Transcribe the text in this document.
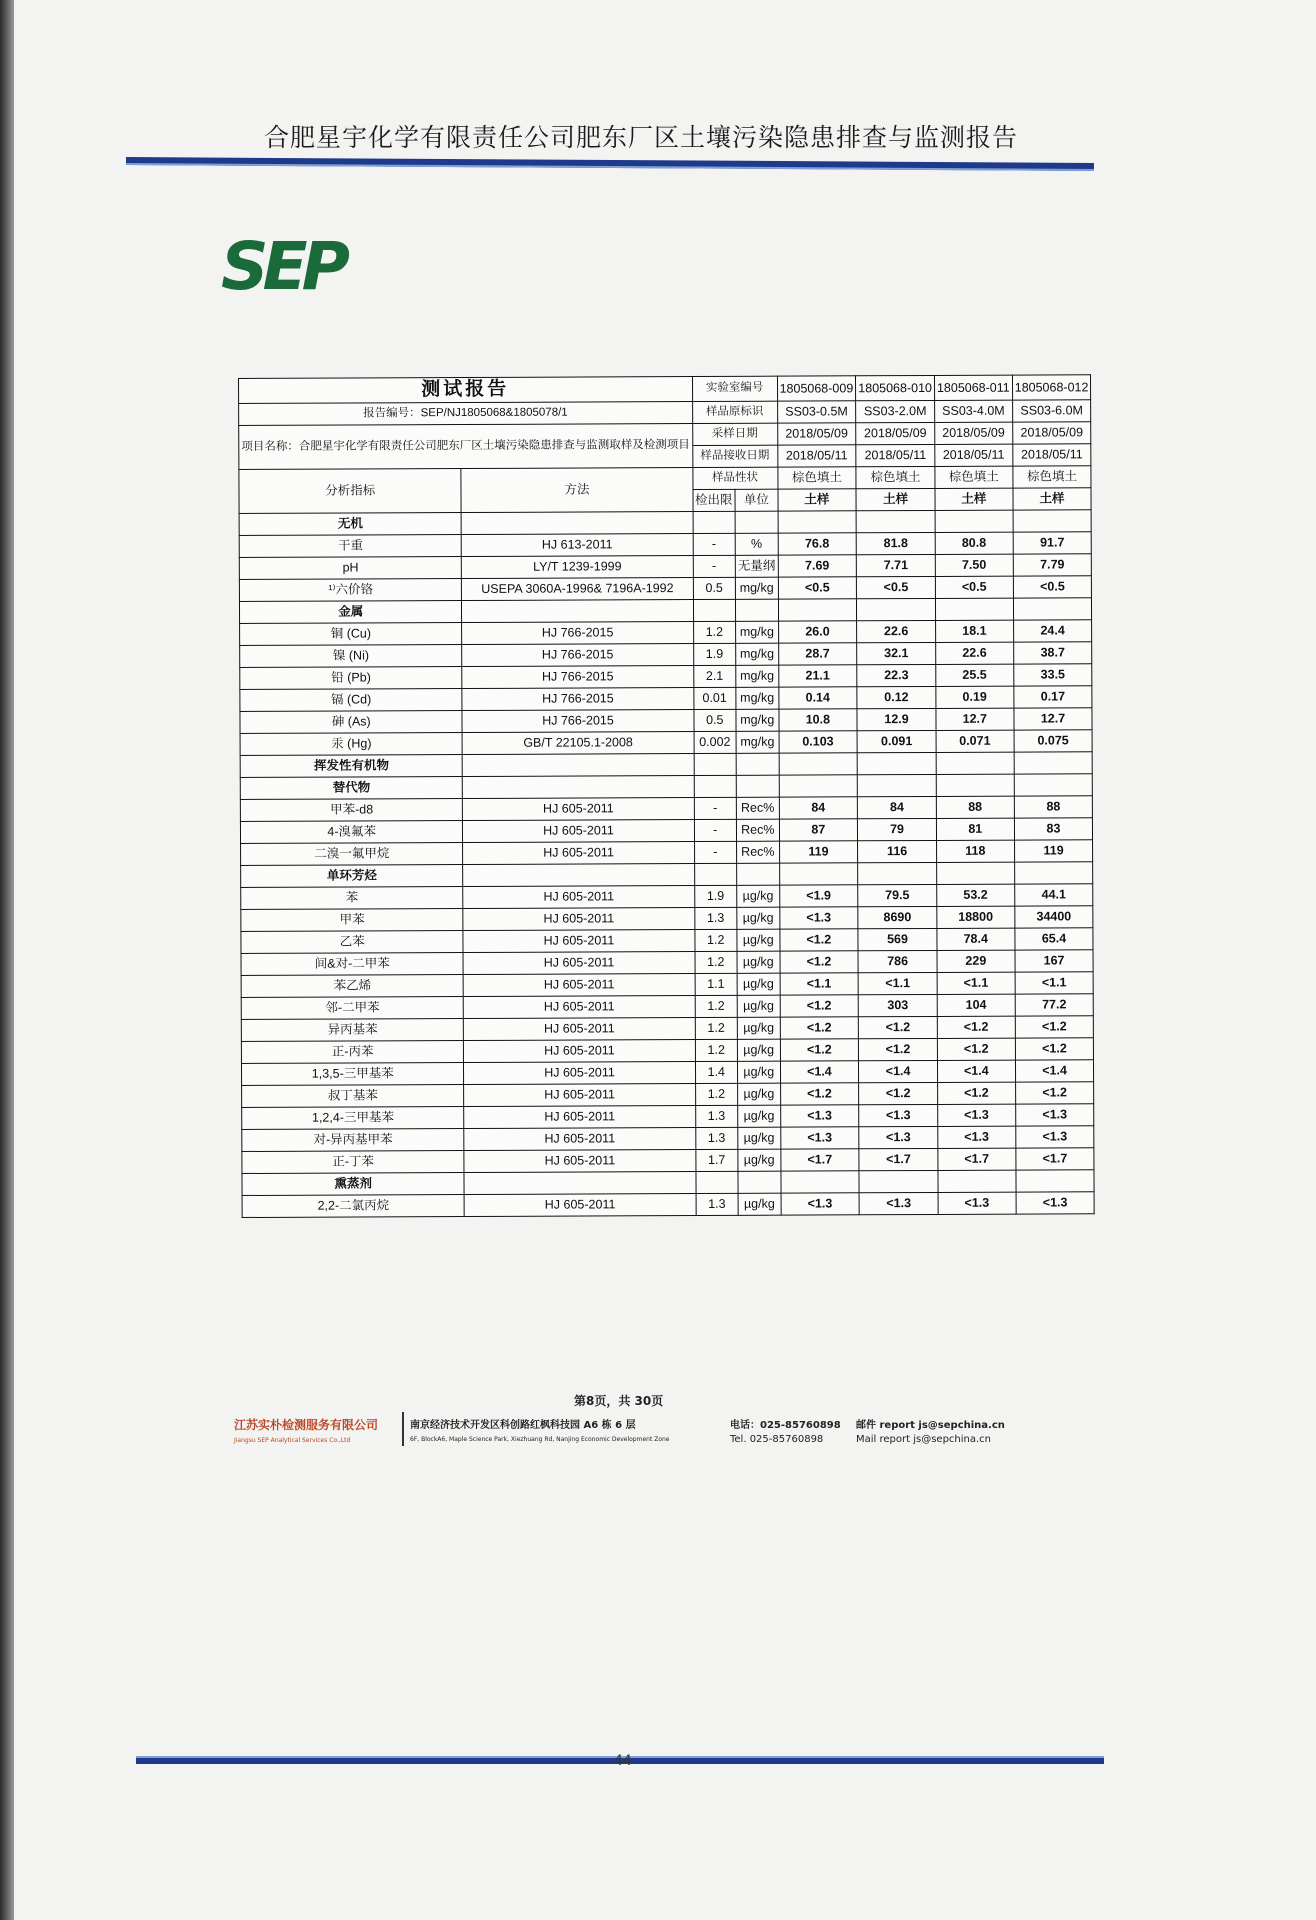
合肥星宇化学有限责任公司肥东厂区土壤污染隐患排查与监测报告
SEP
测试报告		实验室编号		1805068-009	1805068-010	1805068-011	1805068-012
报告编号：SEP/NJ1805068&1805078/1		样品原标识		SS03-0.5M	SS03-2.0M	SS03-4.0M	SS03-6.0M
项目名称：合肥星宇化学有限责任公司肥东厂区土壤污染隐患排查与监测取样及检测项目		采样日期		2018/05/09	2018/05/09	2018/05/09	2018/05/09
		样品接收日期		2018/05/11	2018/05/11	2018/05/11	2018/05/11
分析指标	方法	样品性状		棕色填土	棕色填土	棕色填土	棕色填土
		检出限	单位	土样	土样	土样	土样
无机							
干重	HJ 613-2011	-	%	76.8	81.8	80.8	91.7
pH	LY/T 1239-1999	-	无量纲	7.69	7.71	7.50	7.79
¹⁾六价铬	USEPA 3060A-1996& 7196A-1992	0.5	mg/kg	<0.5	<0.5	<0.5	<0.5
金属							
铜 (Cu)	HJ 766-2015	1.2	mg/kg	26.0	22.6	18.1	24.4
镍 (Ni)	HJ 766-2015	1.9	mg/kg	28.7	32.1	22.6	38.7
铅 (Pb)	HJ 766-2015	2.1	mg/kg	21.1	22.3	25.5	33.5
镉 (Cd)	HJ 766-2015	0.01	mg/kg	0.14	0.12	0.19	0.17
砷 (As)	HJ 766-2015	0.5	mg/kg	10.8	12.9	12.7	12.7
汞 (Hg)	GB/T 22105.1-2008	0.002	mg/kg	0.103	0.091	0.071	0.075
挥发性有机物							
替代物							
甲苯-d8	HJ 605-2011	-	Rec%	84	84	88	88
4-溴氟苯	HJ 605-2011	-	Rec%	87	79	81	83
二溴一氟甲烷	HJ 605-2011	-	Rec%	119	116	118	119
单环芳烃							
苯	HJ 605-2011	1.9	µg/kg	<1.9	79.5	53.2	44.1
甲苯	HJ 605-2011	1.3	µg/kg	<1.3	8690	18800	34400
乙苯	HJ 605-2011	1.2	µg/kg	<1.2	569	78.4	65.4
间&对-二甲苯	HJ 605-2011	1.2	µg/kg	<1.2	786	229	167
苯乙烯	HJ 605-2011	1.1	µg/kg	<1.1	<1.1	<1.1	<1.1
邻-二甲苯	HJ 605-2011	1.2	µg/kg	<1.2	303	104	77.2
异丙基苯	HJ 605-2011	1.2	µg/kg	<1.2	<1.2	<1.2	<1.2
正-丙苯	HJ 605-2011	1.2	µg/kg	<1.2	<1.2	<1.2	<1.2
1,3,5-三甲基苯	HJ 605-2011	1.4	µg/kg	<1.4	<1.4	<1.4	<1.4
叔丁基苯	HJ 605-2011	1.2	µg/kg	<1.2	<1.2	<1.2	<1.2
1,2,4-三甲基苯	HJ 605-2011	1.3	µg/kg	<1.3	<1.3	<1.3	<1.3
对-异丙基甲苯	HJ 605-2011	1.3	µg/kg	<1.3	<1.3	<1.3	<1.3
正-丁苯	HJ 605-2011	1.7	µg/kg	<1.7	<1.7	<1.7	<1.7
熏蒸剂							
2,2-二氯丙烷	HJ 605-2011	1.3	µg/kg	<1.3	<1.3	<1.3	<1.3
第8页，共 30页
江苏实朴检测服务有限公司
Jiangsu SEP Analytical Services Co.,Ltd
南京经济技术开发区科创路红枫科技园 A6 栋 6 层
6F, BlockA6, Maple Science Park, Xiezhuang Rd, Nanjing Economic Development Zone
电话：025-85760898
Tel. 025-85760898
邮件 report js@sepchina.cn
Mail report js@sepchina.cn
44
